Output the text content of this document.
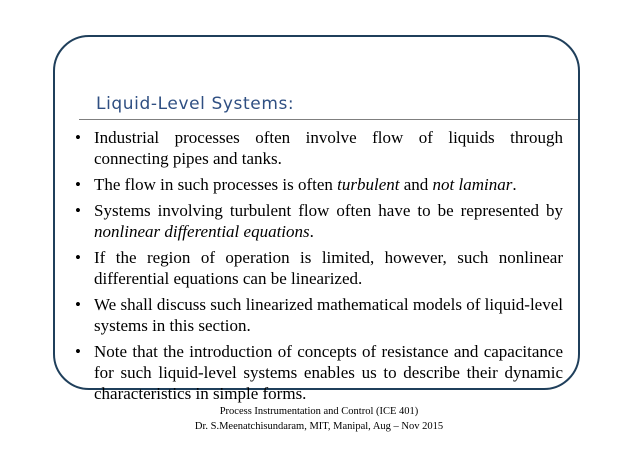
Liquid-Level Systems:
• Industrial processes often involve flow of liquids through connecting pipes and tanks.
• The flow in such processes is often turbulent and not laminar.
• Systems involving turbulent flow often have to be represented by nonlinear differential equations.
• If the region of operation is limited, however, such nonlinear differential equations can be linearized.
• We shall discuss such linearized mathematical models of liquid-level systems in this section.
• Note that the introduction of concepts of resistance and capacitance for such liquid-level systems enables us to describe their dynamic characteristics in simple forms.
Process Instrumentation and Control (ICE 401)
Dr. S.Meenatchisundaram, MIT, Manipal, Aug – Nov 2015
